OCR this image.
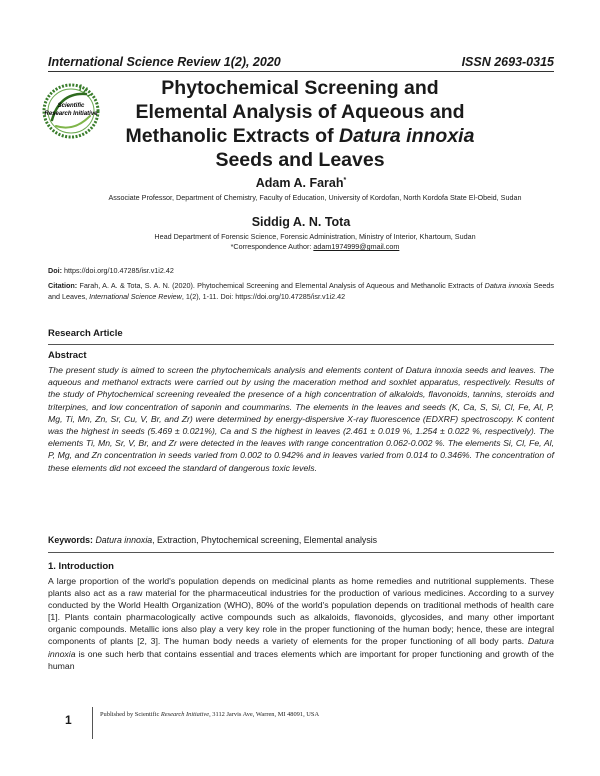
International Science Review 1(2), 2020	ISSN 2693-0315
Scientific
Research Initiative
Phytochemical Screening and
Elemental Analysis of Aqueous and
Methanolic Extracts of Datura innoxia
Seeds and Leaves
Adam A. Farah*
Associate Professor, Department of Chemistry, Faculty of Education, University of Kordofan, North Kordofa State El-Obeid, Sudan
Siddig A. N. Tota
Head Department of Forensic Science, Forensic Administration, Ministry of Interior, Khartoum, Sudan
*Correspondence Author: adam1974999@gmail.com
Doi: https://doi.org/10.47285/isr.v1i2.42
Citation: Farah, A. A. & Tota, S. A. N. (2020). Phytochemical Screening and Elemental Analysis of Aqueous and Methanolic Extracts of Datura innoxia Seeds and Leaves, International Science Review, 1(2), 1-11. Doi: https://doi.org/10.47285/isr.v1i2.42
Research Article
Abstract
The present study is aimed to screen the phytochemicals analysis and elements content of Datura innoxia seeds and leaves. The aqueous and methanol extracts were carried out by using the maceration method and soxhlet apparatus, respectively. Results of the study of Phytochemical screening revealed the presence of a high concentration of alkaloids, flavonoids, tannins, steroids and triterpines, and low concentration of saponin and coummarins. The elements in the leaves and seeds (K, Ca, S, Si, Cl, Fe, Al, P, Mg, Ti, Mn, Zn, Sr, Cu, V, Br, and Zr) were determined by energy-dispersive X-ray fluorescence (EDXRF) spectroscopy. K content was the highest in seeds (5.469 ± 0.021%), Ca and S the highest in leaves (2.461 ± 0.019 %, 1.254 ± 0.022 %, respectively). The elements Ti, Mn, Sr, V, Br, and Zr were detected in the leaves with range concentration 0.062-0.002 %. The elements Si, Cl, Fe, Al, P, Mg, and Zn concentration in seeds varied from 0.002 to 0.942% and in leaves varied from 0.014 to 0.346%. The concentration of these elements did not exceed the standard of dangerous toxic levels.
Keywords: Datura innoxia, Extraction, Phytochemical screening, Elemental analysis
1. Introduction
A large proportion of the world's population depends on medicinal plants as home remedies and nutritional supplements. These plants also act as a raw material for the pharmaceutical industries for the production of various medicines. According to a survey conducted by the World Health Organization (WHO), 80% of the world's population depends on traditional methods of health care [1]. Plants contain pharmacologically active compounds such as alkaloids, flavonoids, glycosides, and many other important organic compounds. Metallic ions also play a very key role in the proper functioning of the human body; hence, these are integral components of plants [2, 3]. The human body needs a variety of elements for the proper functioning of all body parts. Datura innoxia is one such herb that contains essential and traces elements which are important for proper functioning and growth of the human
1	Published by Scientific Research Initiative, 3112 Jarvis Ave, Warren, MI 48091, USA
